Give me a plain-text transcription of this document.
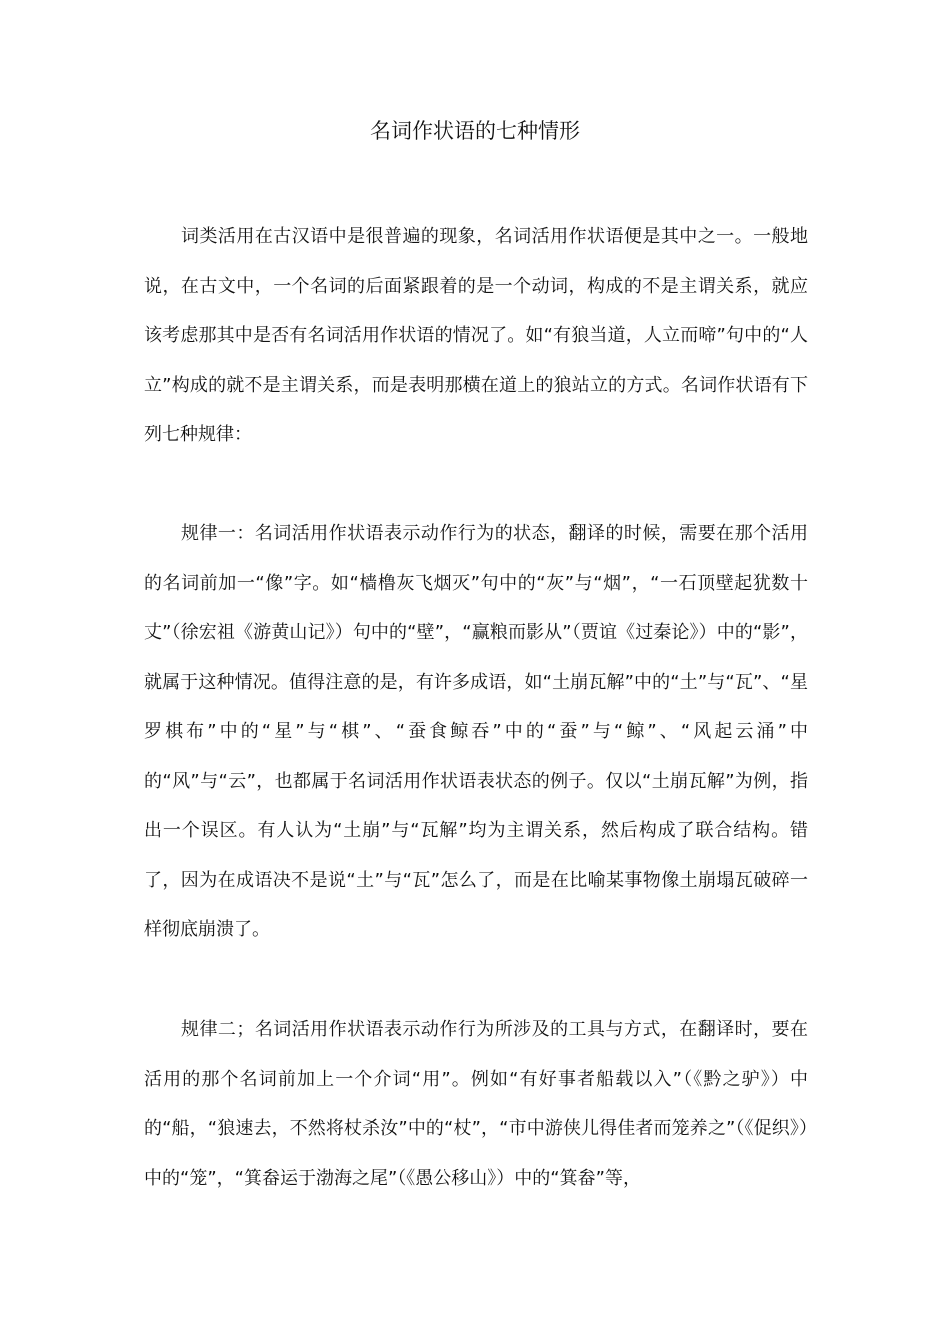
名词作状语的七种情形

词类活用在古汉语中是很普遍的现象，名词活用作状语便是其中之一。一般地说，在古文中，一个名词的后面紧跟着的是一个动词，构成的不是主谓关系，就应该考虑那其中是否有名词活用作状语的情况了。如“有狼当道，人立而啼”句中的“人立”构成的就不是主谓关系，而是表明那横在道上的狼站立的方式。名词作状语有下列七种规律：

规律一：名词活用作状语表示动作行为的状态，翻译的时候，需要在那个活用的名词前加一“像”字。如“樯橹灰飞烟灭”句中的“灰”与“烟”，“一石顶壁起犹数十丈”（徐宏祖《游黄山记》）句中的“壁”，“赢粮而影从”（贾谊《过秦论》）中的“影”，就属于这种情况。值得注意的是，有许多成语，如“土崩瓦解”中的“土”与“瓦”、“星罗棋布”中的“星”与“棋”、“蚕食鲸吞”中的“蚕”与“鲸”、“风起云涌”中的“风”与“云”，也都属于名词活用作状语表状态的例子。仅以“土崩瓦解”为例，指出一个误区。有人认为“土崩”与“瓦解”均为主谓关系，然后构成了联合结构。错了，因为在成语决不是说“土”与“瓦”怎么了，而是在比喻某事物像土崩塌瓦破碎一样彻底崩溃了。

规律二；名词活用作状语表示动作行为所涉及的工具与方式，在翻译时，要在活用的那个名词前加上一个介词“用”。例如“有好事者船载以入”（《黔之驴》）中的“船，“狼速去，不然将杖杀汝”中的“杖”，“市中游侠儿得佳者而笼养之”（《促织》）中的“笼”，“箕畚运于渤海之尾”（《愚公移山》）中的“箕畚”等，
